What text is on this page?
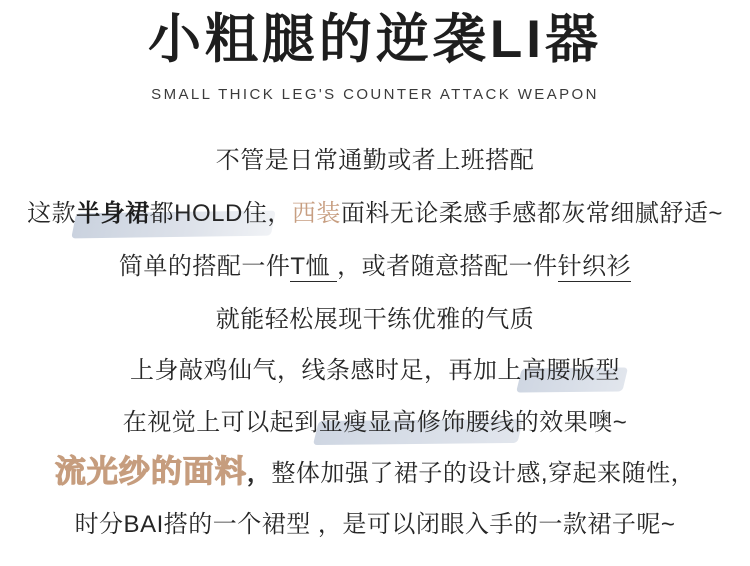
小粗腿的逆袭LI器
SMALL THICK LEG'S COUNTER ATTACK WEAPON
不管是日常通勤或者上班搭配
这款半身裙都HOLD住，西装面料无论柔感手感都灰常细腻舒适~
简单的搭配一件T恤 ，或者随意搭配一件针织衫
就能轻松展现干练优雅的气质
上身敲鸡仙气，线条感时足，再加上高腰版型
在视觉上可以起到显瘦显高修饰腰线的效果噢~
流光纱的面料，整体加强了裙子的设计感,穿起来随性，
时分BAI搭的一个裙型 ，是可以闭眼入手的一款裙子呢~
